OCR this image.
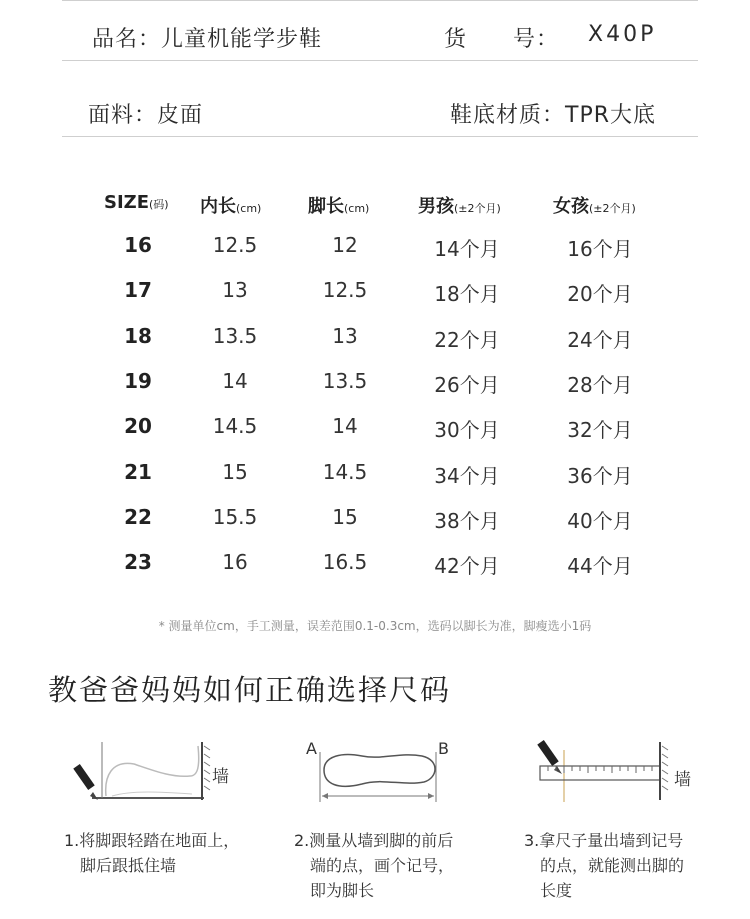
品名：儿童机能学步鞋	货　　号： X40P
面料：皮面	鞋底材质：TPR大底
SIZE(码) 内长(cm)	脚长(cm)	男孩(±2个月)	女孩(±2个月)
16	12.5	12	14个月	16个月
17	13	12.5	18个月	20个月
18	13.5	13	22个月	24个月
19	14	13.5	26个月	28个月
20	14.5	14	30个月	32个月
21	15	14.5	34个月	36个月
22	15.5	15	38个月	40个月
23	16	16.5	42个月	44个月
* 测量单位cm，手工测量，误差范围0.1-0.3cm，选码以脚长为准，脚瘦选小1码
教爸爸妈妈如何正确选择尺码
墙
A	B
墙
1.将脚跟轻踏在地面上，
脚后跟抵住墙
2.测量从墙到脚的前后
端的点，画个记号，
即为脚长
3.拿尺子量出墙到记号
的点，就能测出脚的
长度
